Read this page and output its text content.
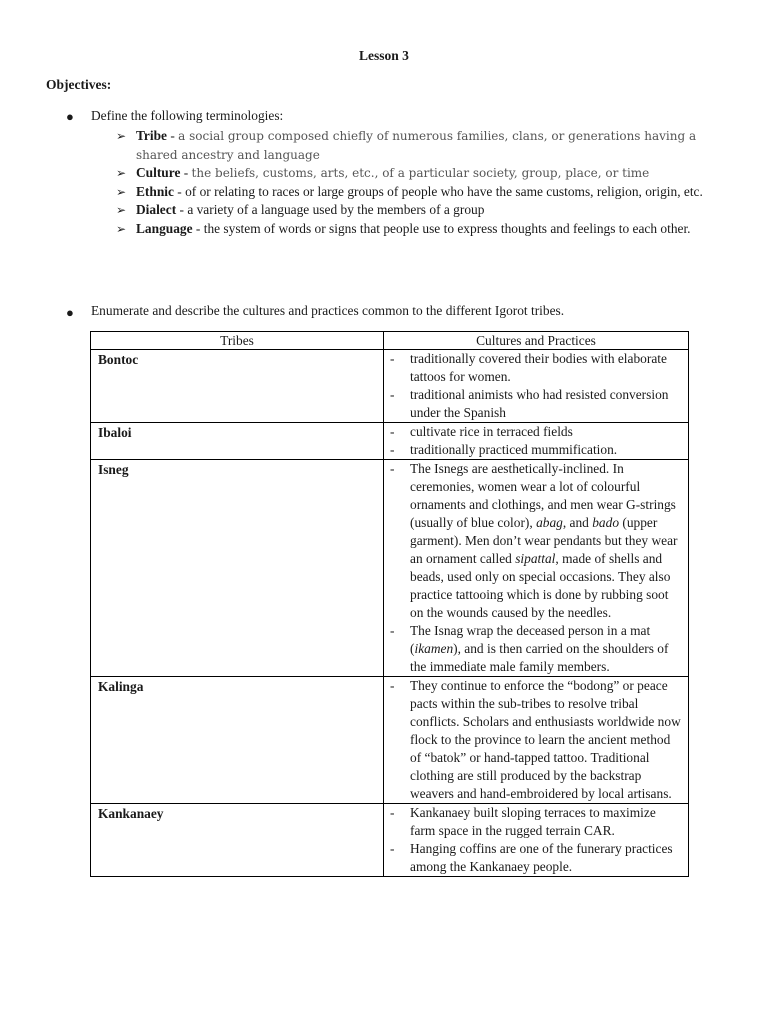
Lesson 3
Objectives:
● Define the following terminologies:
➢ Tribe - a social group composed chiefly of numerous families, clans, or generations having a shared ancestry and language
➢ Culture - the beliefs, customs, arts, etc., of a particular society, group, place, or time
➢ Ethnic - of or relating to races or large groups of people who have the same customs, religion, origin, etc.
➢ Dialect - a variety of a language used by the members of a group
➢ Language - the system of words or signs that people use to express thoughts and feelings to each other.
● Enumerate and describe the cultures and practices common to the different Igorot tribes.
Tribes	Cultures and Practices
Bontoc	- traditionally covered their bodies with elaborate tattoos for women.
- traditional animists who had resisted conversion under the Spanish

Ibaloi	- cultivate rice in terraced fields
- traditionally practiced mummification.

Isneg	- The Isnegs are aesthetically-inclined. In ceremonies, women wear a lot of colourful ornaments and clothings, and men wear G-strings (usually of blue color), abag, and bado (upper garment). Men don’t wear pendants but they wear an ornament called sipattal, made of shells and beads, used only on special occasions. They also practice tattooing which is done by rubbing soot on the wounds caused by the needles.
- The Isnag wrap the deceased person in a mat (ikamen), and is then carried on the shoulders of the immediate male family members.

Kalinga	- They continue to enforce the “bodong” or peace pacts within the sub-tribes to resolve tribal conflicts. Scholars and enthusiasts worldwide now flock to the province to learn the ancient method of “batok” or hand-tapped tattoo. Traditional clothing are still produced by the backstrap weavers and hand-embroidered by local artisans.

Kankanaey	- Kankanaey built sloping terraces to maximize farm space in the rugged terrain CAR.
- Hanging coffins are one of the funerary practices among the Kankanaey people.
